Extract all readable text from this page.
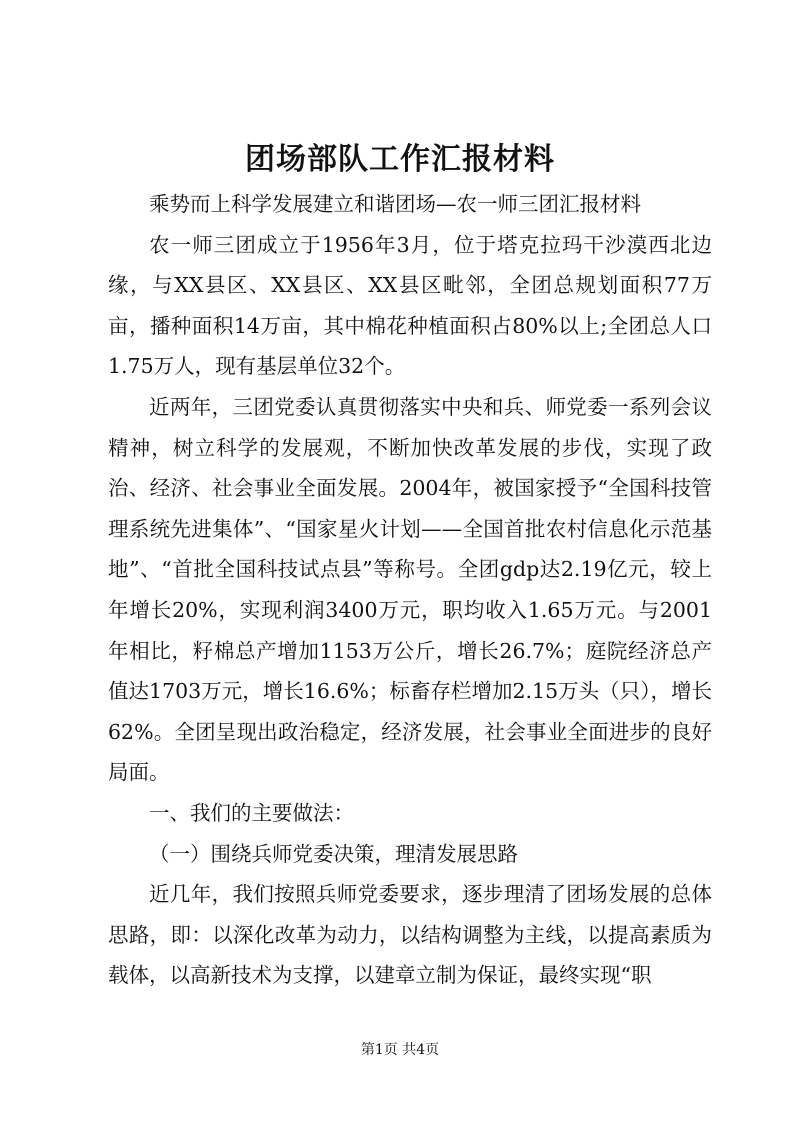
团场部队工作汇报材料

乘势而上科学发展建立和谐团场—农一师三团汇报材料

农一师三团成立于1956年3月，位于塔克拉玛干沙漠西北边缘，与XX县区、XX县区、XX县区毗邻，全团总规划面积77万亩，播种面积14万亩，其中棉花种植面积占80%以上;全团总人口1.75万人，现有基层单位32个。

近两年，三团党委认真贯彻落实中央和兵、师党委一系列会议精神，树立科学的发展观，不断加快改革发展的步伐，实现了政治、经济、社会事业全面发展。2004年，被国家授予“全国科技管理系统先进集体”、“国家星火计划——全国首批农村信息化示范基地”、“首批全国科技试点县”等称号。全团gdp达2.19亿元，较上年增长20%，实现利润3400万元，职均收入1.65万元。与2001年相比，籽棉总产增加1153万公斤，增长26.7%；庭院经济总产值达1703万元，增长16.6%；标畜存栏增加2.15万头（只），增长62%。全团呈现出政治稳定，经济发展，社会事业全面进步的良好局面。

一、我们的主要做法：

（一）围绕兵师党委决策，理清发展思路

近几年，我们按照兵师党委要求，逐步理清了团场发展的总体思路，即：以深化改革为动力，以结构调整为主线，以提高素质为载体，以高新技术为支撑，以建章立制为保证，最终实现“职

第1页 共4页
